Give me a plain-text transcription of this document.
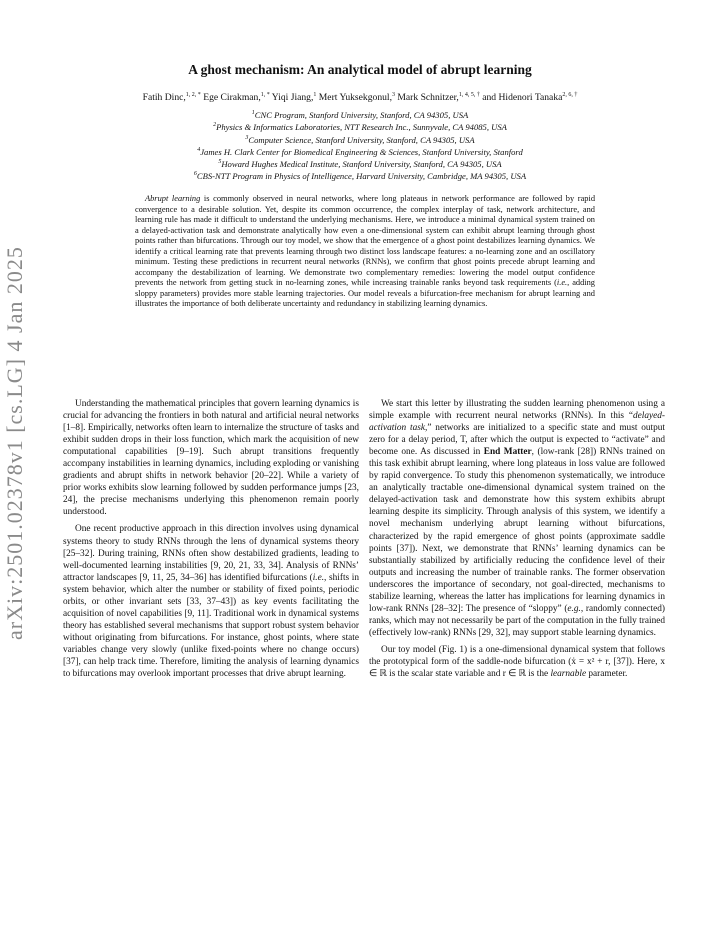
arXiv:2501.02378v1 [cs.LG] 4 Jan 2025
A ghost mechanism: An analytical model of abrupt learning
Fatih Dinc,$^{1, 2, *}$ Ege Cirakman,$^{1, *}$ Yiqi Jiang,$^1$ Mert Yuksekgonul,$^3$ Mark Schnitzer,$^{1, 4, 5, \dagger}$ and Hidenori Tanaka$^{2, 6, \dagger}$
$^1$CNC Program, Stanford University, Stanford, CA 94305, USA
$^2$Physics & Informatics Laboratories, NTT Research Inc., Sunnyvale, CA 94085, USA
$^3$Computer Science, Stanford University, Stanford, CA 94305, USA
$^4$James H. Clark Center for Biomedical Engineering & Sciences, Stanford University, Stanford
$^5$Howard Hughes Medical Institute, Stanford University, Stanford, CA 94305, USA
$^6$CBS-NTT Program in Physics of Intelligence, Harvard University, Cambridge, MA 94305, USA
Abrupt learning is commonly observed in neural networks, where long plateaus in network performance are followed by rapid convergence to a desirable solution. Yet, despite its common occurrence, the complex interplay of task, network architecture, and learning rule has made it difficult to understand the underlying mechanisms. Here, we introduce a minimal dynamical system trained on a delayed-activation task and demonstrate analytically how even a one-dimensional system can exhibit abrupt learning through ghost points rather than bifurcations. Through our toy model, we show that the emergence of a ghost point destabilizes learning dynamics. We identify a critical learning rate that prevents learning through two distinct loss landscape features: a no-learning zone and an oscillatory minimum. Testing these predictions in recurrent neural networks (RNNs), we confirm that ghost points precede abrupt learning and accompany the destabilization of learning. We demonstrate two complementary remedies: lowering the model output confidence prevents the network from getting stuck in no-learning zones, while increasing trainable ranks beyond task requirements (i.e., adding sloppy parameters) provides more stable learning trajectories. Our model reveals a bifurcation-free mechanism for abrupt learning and illustrates the importance of both deliberate uncertainty and redundancy in stabilizing learning dynamics.

Understanding the mathematical principles that govern learning dynamics is crucial for advancing the frontiers in both natural and artificial neural networks [1–8]. Empirically, networks often learn to internalize the structure of tasks and exhibit sudden drops in their loss function, which mark the acquisition of new computational capabilities [9–19]. Such abrupt transitions frequently accompany instabilities in learning dynamics, including exploding or vanishing gradients and abrupt shifts in network behavior [20–22]. While a variety of prior works exhibits slow learning followed by sudden performance jumps [23, 24], the precise mechanisms underlying this phenomenon remain poorly understood.

One recent productive approach in this direction involves using dynamical systems theory to study RNNs through the lens of dynamical systems theory [25–32]. During training, RNNs often show destabilized gradients, leading to well-documented learning instabilities [9, 20, 21, 33, 34]. Analysis of RNNs’ attractor landscapes [9, 11, 25, 34–36] has identified bifurcations (i.e., shifts in system behavior, which alter the number or stability of fixed points, periodic orbits, or other invariant sets [33, 37–43]) as key events facilitating the acquisition of novel capabilities [9, 11]. Traditional work in dynamical systems theory has established several mechanisms that support robust system behavior without originating from bifurcations. For instance, ghost points, where state variables change very slowly (unlike fixed-points where no change occurs) [37], can help track time. Therefore, limiting the analysis of learning dynamics to bifurcations may overlook important processes that drive abrupt learning.

We start this letter by illustrating the sudden learning phenomenon using a simple example with recurrent neural networks (RNNs). In this “delayed-activation task,” networks are initialized to a specific state and must output zero for a delay period, T, after which the output is expected to “activate” and become one. As discussed in End Matter, (low-rank [28]) RNNs trained on this task exhibit abrupt learning, where long plateaus in loss value are followed by rapid convergence. To study this phenomenon systematically, we introduce an analytically tractable one-dimensional dynamical system trained on the delayed-activation task and demonstrate how this system exhibits abrupt learning despite its simplicity. Through analysis of this system, we identify a novel mechanism underlying abrupt learning without bifurcations, characterized by the rapid emergence of ghost points (approximate saddle points [37]). Next, we demonstrate that RNNs’ learning dynamics can be substantially stabilized by artificially reducing the confidence level of their outputs and increasing the number of trainable ranks. The former observation underscores the importance of secondary, not goal-directed, mechanisms to stabilize learning, whereas the latter has implications for learning dynamics in low-rank RNNs [28–32]: The presence of “sloppy” (e.g., randomly connected) ranks, which may not necessarily be part of the computation in the fully trained (effectively low-rank) RNNs [29, 32], may support stable learning dynamics.

Our toy model (Fig. 1) is a one-dimensional dynamical system that follows the prototypical form of the saddle-node bifurcation (ẋ = x² + r, [37]). Here, x ∈ ℝ is the scalar state variable and r ∈ ℝ is the learnable parameter.
